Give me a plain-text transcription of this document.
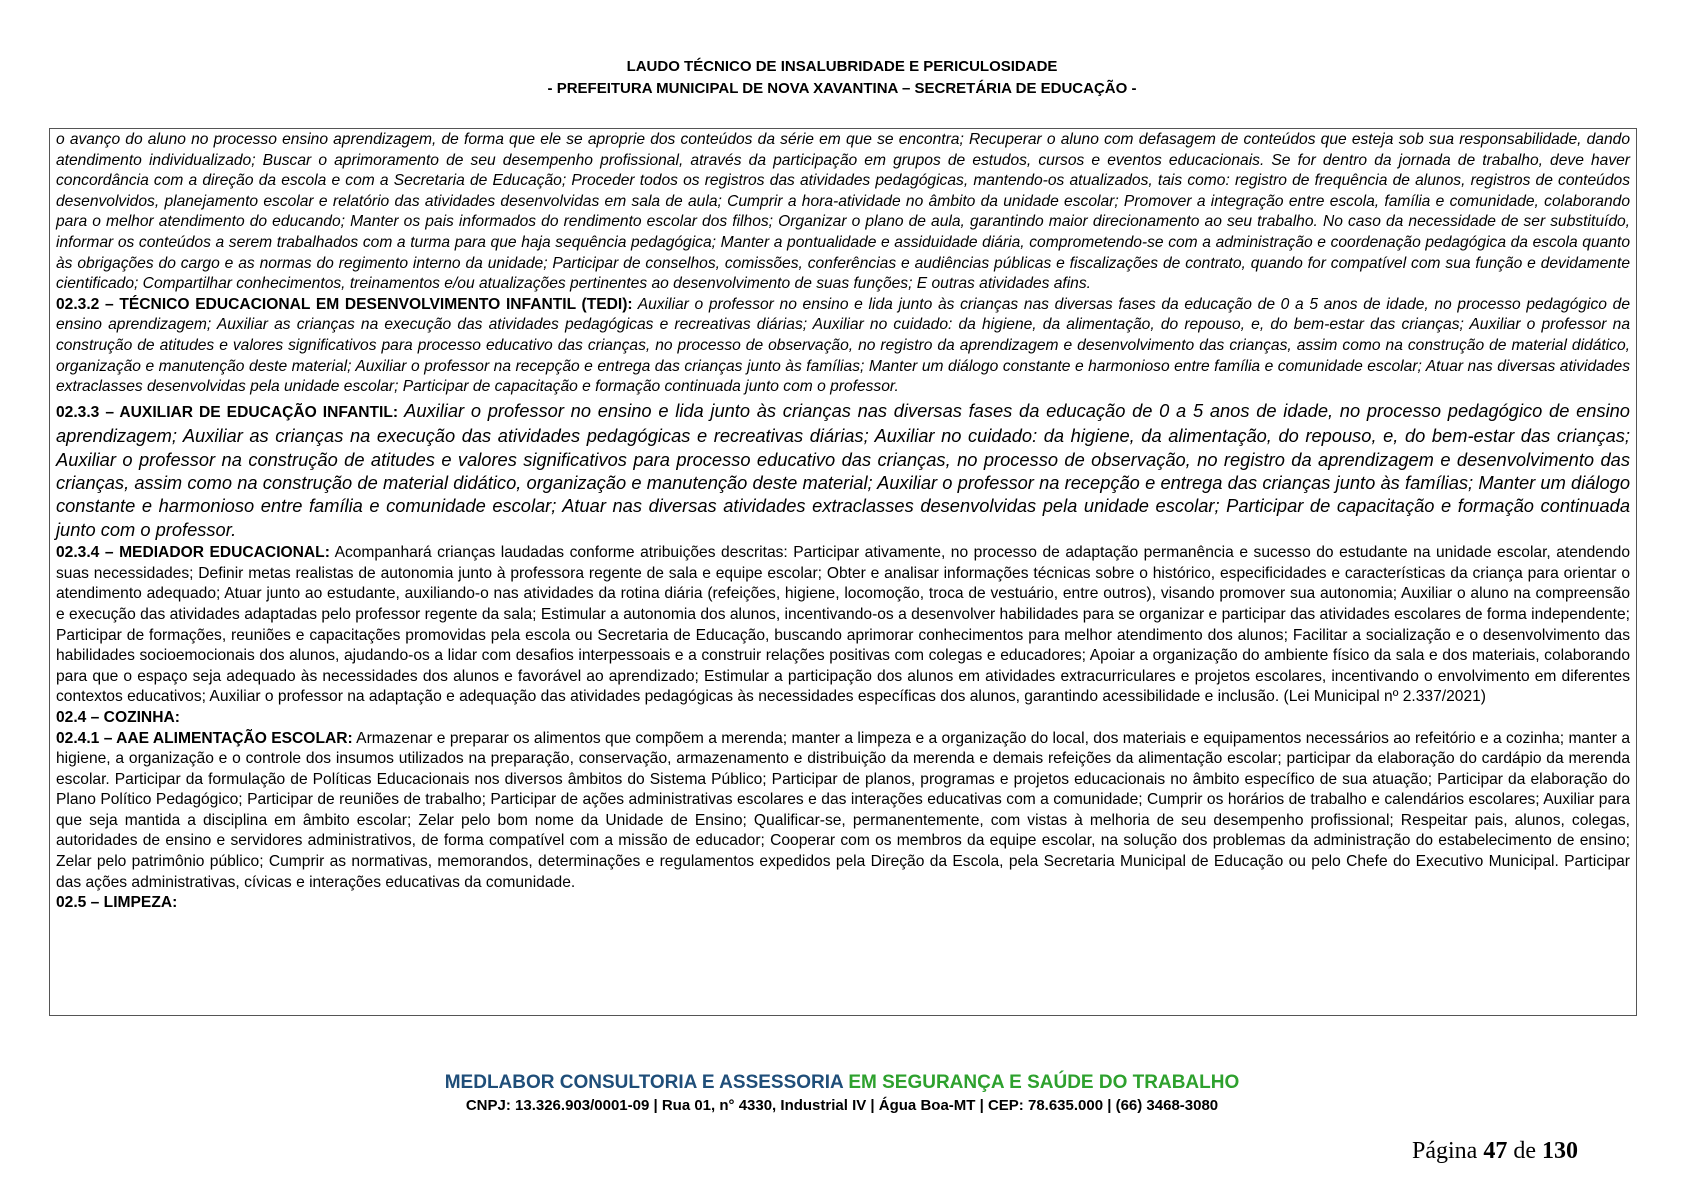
LAUDO TÉCNICO DE INSALUBRIDADE E PERICULOSIDADE
- PREFEITURA MUNICIPAL DE NOVA XAVANTINA – SECRETÁRIA DE EDUCAÇÃO -

o avanço do aluno no processo ensino aprendizagem, de forma que ele se aproprie dos conteúdos da série em que se encontra; Recuperar o aluno com defasagem de conteúdos que esteja sob sua responsabilidade, dando atendimento individualizado; Buscar o aprimoramento de seu desempenho profissional, através da participação em grupos de estudos, cursos e eventos educacionais. Se for dentro da jornada de trabalho, deve haver concordância com a direção da escola e com a Secretaria de Educação; Proceder todos os registros das atividades pedagógicas, mantendo-os atualizados, tais como: registro de frequência de alunos, registros de conteúdos desenvolvidos, planejamento escolar e relatório das atividades desenvolvidas em sala de aula; Cumprir a hora-atividade no âmbito da unidade escolar; Promover a integração entre escola, família e comunidade, colaborando para o melhor atendimento do educando; Manter os pais informados do rendimento escolar dos filhos; Organizar o plano de aula, garantindo maior direcionamento ao seu trabalho. No caso da necessidade de ser substituído, informar os conteúdos a serem trabalhados com a turma para que haja sequência pedagógica; Manter a pontualidade e assiduidade diária, comprometendo-se com a administração e coordenação pedagógica da escola quanto às obrigações do cargo e as normas do regimento interno da unidade; Participar de conselhos, comissões, conferências e audiências públicas e fiscalizações de contrato, quando for compatível com sua função e devidamente cientificado; Compartilhar conhecimentos, treinamentos e/ou atualizações pertinentes ao desenvolvimento de suas funções; E outras atividades afins.

02.3.2 – TÉCNICO EDUCACIONAL EM DESENVOLVIMENTO INFANTIL (TEDI): Auxiliar o professor no ensino e lida junto às crianças nas diversas fases da educação de 0 a 5 anos de idade, no processo pedagógico de ensino aprendizagem; Auxiliar as crianças na execução das atividades pedagógicas e recreativas diárias; Auxiliar no cuidado: da higiene, da alimentação, do repouso, e, do bem-estar das crianças; Auxiliar o professor na construção de atitudes e valores significativos para processo educativo das crianças, no processo de observação, no registro da aprendizagem e desenvolvimento das crianças, assim como na construção de material didático, organização e manutenção deste material; Auxiliar o professor na recepção e entrega das crianças junto às famílias; Manter um diálogo constante e harmonioso entre família e comunidade escolar; Atuar nas diversas atividades extraclasses desenvolvidas pela unidade escolar; Participar de capacitação e formação continuada junto com o professor.

02.3.3 – AUXILIAR DE EDUCAÇÃO INFANTIL: Auxiliar o professor no ensino e lida junto às crianças nas diversas fases da educação de 0 a 5 anos de idade, no processo pedagógico de ensino aprendizagem; Auxiliar as crianças na execução das atividades pedagógicas e recreativas diárias; Auxiliar no cuidado: da higiene, da alimentação, do repouso, e, do bem-estar das crianças; Auxiliar o professor na construção de atitudes e valores significativos para processo educativo das crianças, no processo de observação, no registro da aprendizagem e desenvolvimento das crianças, assim como na construção de material didático, organização e manutenção deste material; Auxiliar o professor na recepção e entrega das crianças junto às famílias; Manter um diálogo constante e harmonioso entre família e comunidade escolar; Atuar nas diversas atividades extraclasses desenvolvidas pela unidade escolar; Participar de capacitação e formação continuada junto com o professor.

02.3.4 – MEDIADOR EDUCACIONAL: Acompanhará crianças laudadas conforme atribuições descritas: Participar ativamente, no processo de adaptação permanência e sucesso do estudante na unidade escolar, atendendo suas necessidades; Definir metas realistas de autonomia junto à professora regente de sala e equipe escolar; Obter e analisar informações técnicas sobre o histórico, especificidades e características da criança para orientar o atendimento adequado; Atuar junto ao estudante, auxiliando-o nas atividades da rotina diária (refeições, higiene, locomoção, troca de vestuário, entre outros), visando promover sua autonomia; Auxiliar o aluno na compreensão e execução das atividades adaptadas pelo professor regente da sala; Estimular a autonomia dos alunos, incentivando-os a desenvolver habilidades para se organizar e participar das atividades escolares de forma independente; Participar de formações, reuniões e capacitações promovidas pela escola ou Secretaria de Educação, buscando aprimorar conhecimentos para melhor atendimento dos alunos; Facilitar a socialização e o desenvolvimento das habilidades socioemocionais dos alunos, ajudando-os a lidar com desafios interpessoais e a construir relações positivas com colegas e educadores; Apoiar a organização do ambiente físico da sala e dos materiais, colaborando para que o espaço seja adequado às necessidades dos alunos e favorável ao aprendizado; Estimular a participação dos alunos em atividades extracurriculares e projetos escolares, incentivando o envolvimento em diferentes contextos educativos; Auxiliar o professor na adaptação e adequação das atividades pedagógicas às necessidades específicas dos alunos, garantindo acessibilidade e inclusão. (Lei Municipal nº 2.337/2021)

02.4 – COZINHA:

02.4.1 – AAE ALIMENTAÇÃO ESCOLAR: Armazenar e preparar os alimentos que compõem a merenda; manter a limpeza e a organização do local, dos materiais e equipamentos necessários ao refeitório e a cozinha; manter a higiene, a organização e o controle dos insumos utilizados na preparação, conservação, armazenamento e distribuição da merenda e demais refeições da alimentação escolar; participar da elaboração do cardápio da merenda escolar. Participar da formulação de Políticas Educacionais nos diversos âmbitos do Sistema Público; Participar de planos, programas e projetos educacionais no âmbito específico de sua atuação; Participar da elaboração do Plano Político Pedagógico; Participar de reuniões de trabalho; Participar de ações administrativas escolares e das interações educativas com a comunidade; Cumprir os horários de trabalho e calendários escolares; Auxiliar para que seja mantida a disciplina em âmbito escolar; Zelar pelo bom nome da Unidade de Ensino; Qualificar-se, permanentemente, com vistas à melhoria de seu desempenho profissional; Respeitar pais, alunos, colegas, autoridades de ensino e servidores administrativos, de forma compatível com a missão de educador; Cooperar com os membros da equipe escolar, na solução dos problemas da administração do estabelecimento de ensino; Zelar pelo patrimônio público; Cumprir as normativas, memorandos, determinações e regulamentos expedidos pela Direção da Escola, pela Secretaria Municipal de Educação ou pelo Chefe do Executivo Municipal. Participar das ações administrativas, cívicas e interações educativas da comunidade.

02.5 – LIMPEZA:

MEDLABOR CONSULTORIA E ASSESSORIA EM SEGURANÇA E SAÚDE DO TRABALHO
CNPJ: 13.326.903/0001-09 | Rua 01, n° 4330, Industrial IV | Água Boa-MT | CEP: 78.635.000 | (66) 3468-3080
Página 47 de 130
